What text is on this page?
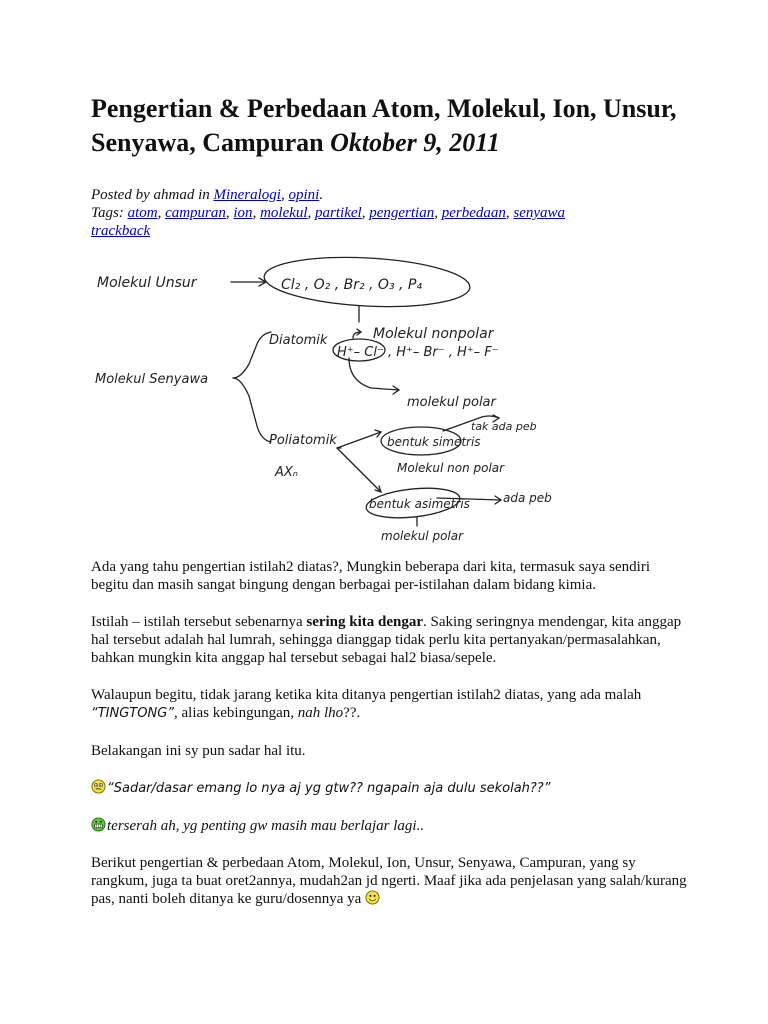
Pengertian & Perbedaan Atom, Molekul, Ion, Unsur, Senyawa, Campuran Oktober 9, 2011
Posted by ahmad in Mineralogi, opini.
Tags: atom, campuran, ion, molekul, partikel, pengertian, perbedaan, senyawa
trackback
Molekul Unsur	Cl₂ , O₂ , Br₂ , O₃ , P₄
Molekul nonpolar
Molekul Senyawa
Diatomik
H⁺– Cl⁻ , H⁺– Br⁻ , H⁺– F⁻
molekul polar
Poliatomik
AXₙ
tak ada peb
bentuk simetris
Molekul non polar
bentuk asimetris	ada peb
molekul polar

Ada yang tahu pengertian istilah2 diatas?, Mungkin beberapa dari kita, termasuk saya sendiri begitu dan masih sangat bingung dengan berbagai per-istilahan dalam bidang kimia.

Istilah – istilah tersebut sebenarnya sering kita dengar. Saking seringnya mendengar, kita anggap hal tersebut adalah hal lumrah, sehingga dianggap tidak perlu kita pertanyakan/permasalahkan, bahkan mungkin kita anggap hal tersebut sebagai hal2 biasa/sepele.

Walaupun begitu, tidak jarang ketika kita ditanya pengertian istilah2 diatas, yang ada malah “TINGTONG”, alias kebingungan, nah lho??.

Belakangan ini sy pun sadar hal itu.

“Sadar/dasar emang lo nya aj yg gtw?? ngapain aja dulu sekolah??”

terserah ah, yg penting gw masih mau berlajar lagi..

Berikut pengertian & perbedaan Atom, Molekul, Ion, Unsur, Senyawa, Campuran, yang sy rangkum, juga ta buat oret2annya, mudah2an jd ngerti. Maaf jika ada penjelasan yang salah/kurang pas, nanti boleh ditanya ke guru/dosennya ya
